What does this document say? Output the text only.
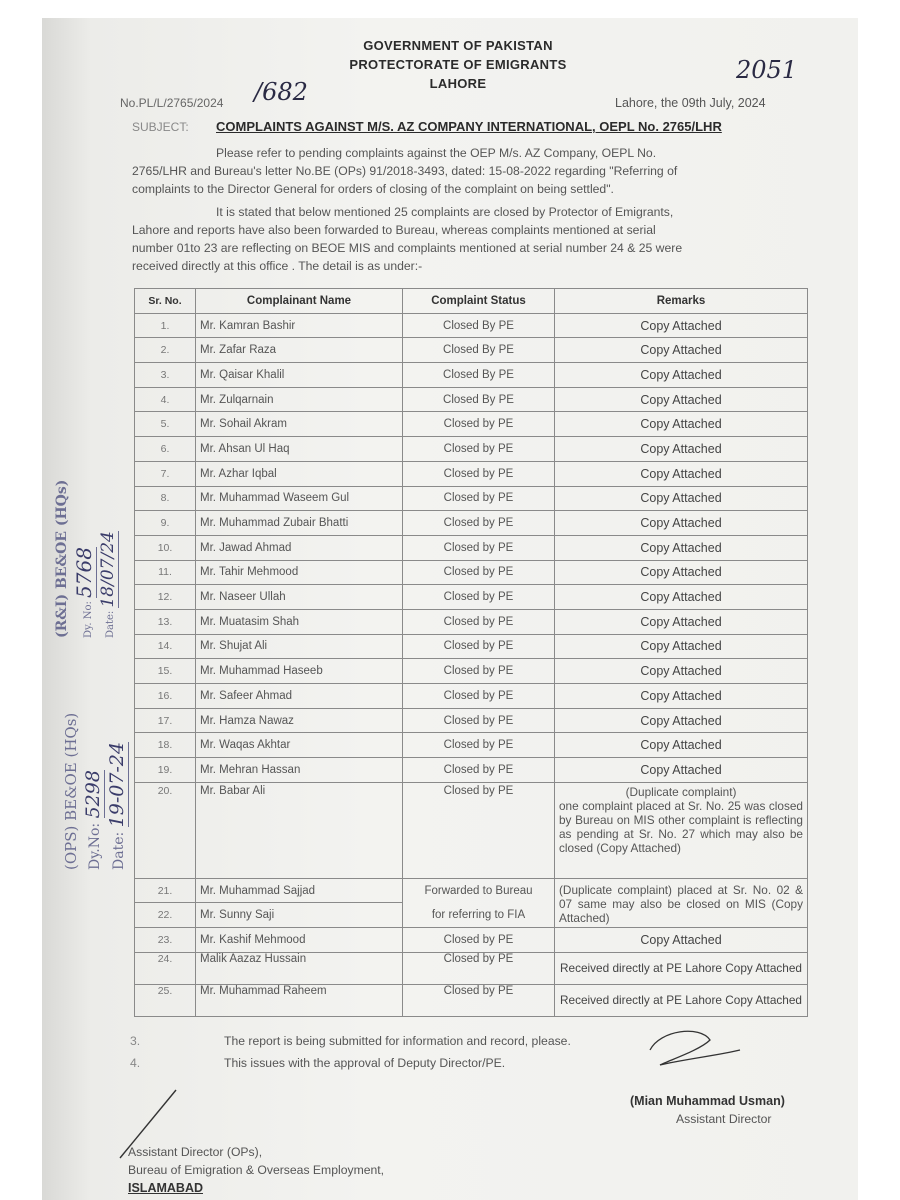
GOVERNMENT OF PAKISTAN
PROTECTORATE OF EMIGRANTS
LAHORE
No.PL/L/2765/2024 /682
2051
Lahore, the 09th July, 2024
SUBJECT: COMPLAINTS AGAINST M/S. AZ COMPANY INTERNATIONAL, OEPL No. 2765/LHR
Please refer to pending complaints against the OEP M/s. AZ Company, OEPL No.
2765/LHR and Bureau's letter No.BE (OPs) 91/2018-3493, dated: 15-08-2022 regarding "Referring of
complaints to the Director General for orders of closing of the complaint on being settled".
It is stated that below mentioned 25 complaints are closed by Protector of Emigrants,
Lahore and reports have also been forwarded to Bureau, whereas complaints mentioned at serial
number 01to 23 are reflecting on BEOE MIS and complaints mentioned at serial number 24 & 25 were
received directly at this office . The detail is as under:-
Sr. No.	Complainant Name	Complaint Status	Remarks
1.	Mr. Kamran Bashir	Closed By PE	Copy Attached
2.	Mr. Zafar Raza	Closed By PE	Copy Attached
3.	Mr. Qaisar Khalil	Closed By PE	Copy Attached
4.	Mr. Zulqarnain	Closed By PE	Copy Attached
5.	Mr. Sohail Akram	Closed by PE	Copy Attached
6.	Mr. Ahsan Ul Haq	Closed by PE	Copy Attached
7.	Mr. Azhar Iqbal	Closed by PE	Copy Attached
8.	Mr. Muhammad Waseem Gul	Closed by PE	Copy Attached
9.	Mr. Muhammad Zubair Bhatti	Closed by PE	Copy Attached
10.	Mr. Jawad Ahmad	Closed by PE	Copy Attached
11.	Mr. Tahir Mehmood	Closed by PE	Copy Attached
12.	Mr. Naseer Ullah	Closed by PE	Copy Attached
13.	Mr. Muatasim Shah	Closed by PE	Copy Attached
14.	Mr. Shujat Ali	Closed by PE	Copy Attached
15.	Mr. Muhammad Haseeb	Closed by PE	Copy Attached
16.	Mr. Safeer Ahmad	Closed by PE	Copy Attached
17.	Mr. Hamza Nawaz	Closed by PE	Copy Attached
18.	Mr. Waqas Akhtar	Closed by PE	Copy Attached
19.	Mr. Mehran Hassan	Closed by PE	Copy Attached
20.	Mr. Babar Ali	Closed by PE	(Duplicate complaint)
one complaint placed at Sr. No. 25 was closed by Bureau on MIS other complaint is reflecting as pending at Sr. No. 27 which may also be closed (Copy Attached)

21.	Mr. Muhammad Sajjad	Forwarded to Bureau	(Duplicate complaint) placed at Sr. No. 02 & 07 same may also be closed on MIS (Copy Attached)
22.	Mr. Sunny Saji	for referring to FIA	
23.	Mr. Kashif Mehmood	Closed by PE	Copy Attached
24.	Malik Aazaz Hussain	Closed by PE	Received directly at PE Lahore Copy Attached
25.	Mr. Muhammad Raheem	Closed by PE	Received directly at PE Lahore Copy Attached
3.	The report is being submitted for information and record, please.
4.	This issues with the approval of Deputy Director/PE.
(Mian Muhammad Usman)
Assistant Director
Assistant Director (OPs),
Bureau of Emigration & Overseas Employment,
ISLAMABAD
(R&I) BE&OE (HQs)	Dy. No: 5768
Date: 18/07/24
(OPS) BE&OE (HQs) Dy.No: 5298
Date: 19-07-24
